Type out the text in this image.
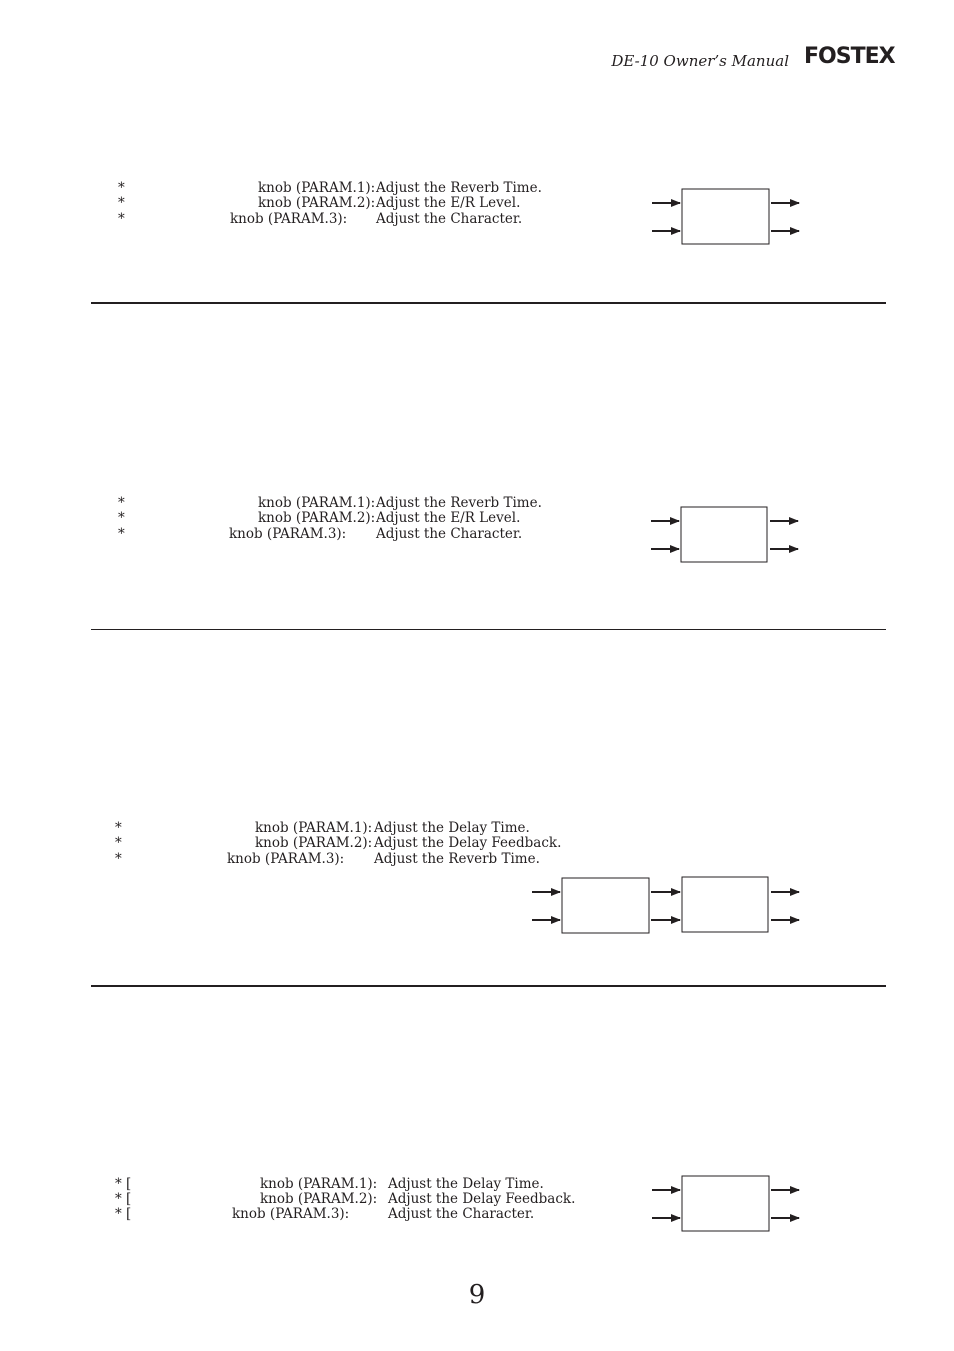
DE-10 Owner’s Manual FOSTEX
*	knob (PARAM.1): Adjust the Reverb Time.
*	knob (PARAM.2): Adjust the E/R Level.
*	knob (PARAM.3): Adjust the Character.
*	knob (PARAM.1): Adjust the Reverb Time.
*	knob (PARAM.2): Adjust the E/R Level.
*	knob (PARAM.3): Adjust the Character.
*	knob (PARAM.1): Adjust the Delay Time.
*	knob (PARAM.2): Adjust the Delay Feedback.
*	knob (PARAM.3): Adjust the Reverb Time.
* [	knob (PARAM.1): Adjust the Delay Time.
* [	knob (PARAM.2): Adjust the Delay Feedback.
* [	knob (PARAM.3):	Adjust the Character.
9
